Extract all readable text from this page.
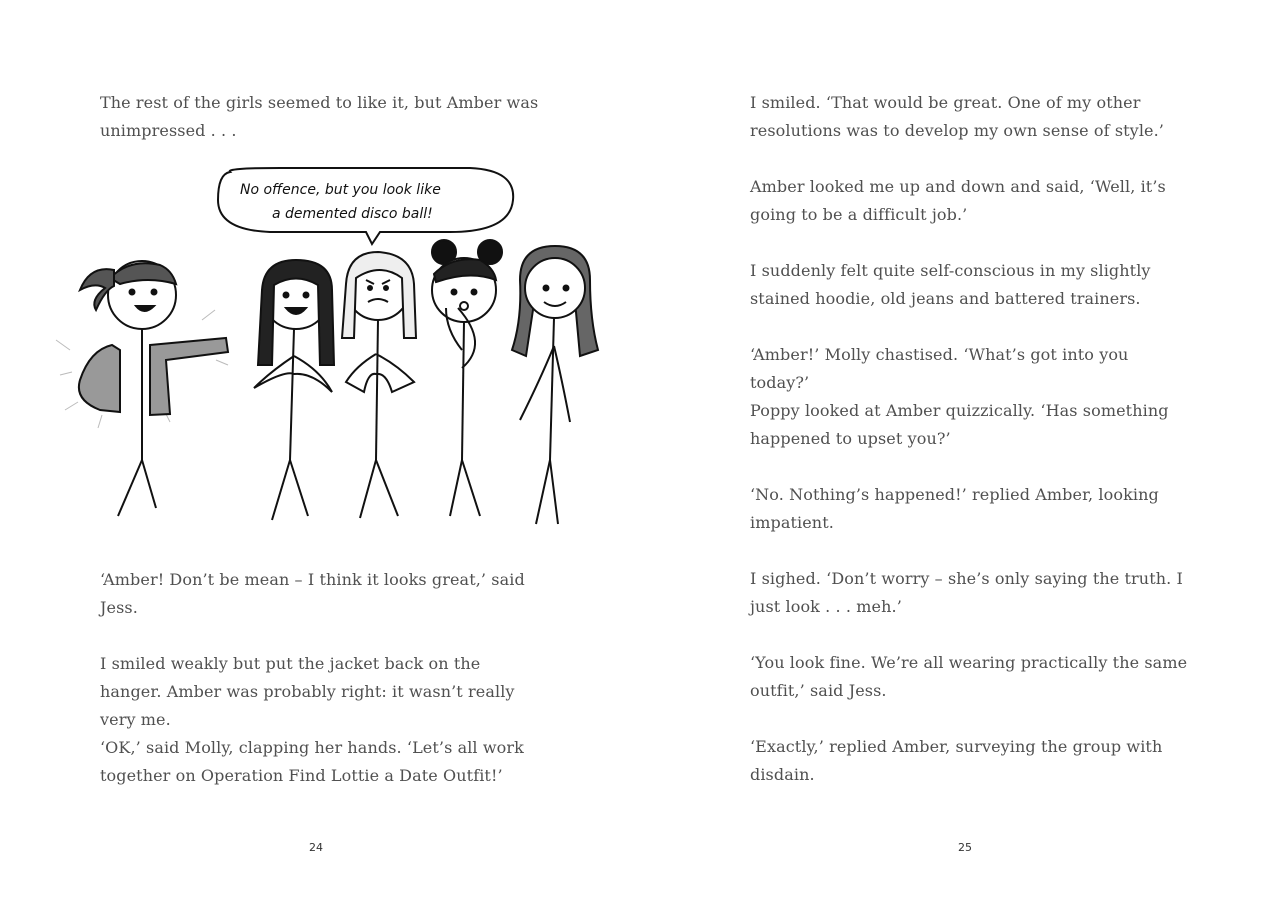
The rest of the girls seemed to like it, but Amber was unimpressed . . .

No offence, but you look like
a demented disco ball!

‘Amber! Don’t be mean – I think it looks great,’ said Jess.

I smiled weakly but put the jacket back on the hanger. Amber was probably right: it wasn’t really very me.

‘OK,’ said Molly, clapping her hands. ‘Let’s all work together on Operation Find Lottie a Date Outfit!’

24

I smiled. ‘That would be great. One of my other resolutions was to develop my own sense of style.’

Amber looked me up and down and said, ‘Well, it’s going to be a difficult job.’

I suddenly felt quite self-conscious in my slightly stained hoodie, old jeans and battered trainers.

‘Amber!’ Molly chastised. ‘What’s got into you today?’

Poppy looked at Amber quizzically. ‘Has something happened to upset you?’

‘No. Nothing’s happened!’ replied Amber, looking impatient.

I sighed. ‘Don’t worry – she’s only saying the truth. I just look . . . meh.’

‘You look fine. We’re all wearing practically the same outfit,’ said Jess.

‘Exactly,’ replied Amber, surveying the group with disdain.

25
